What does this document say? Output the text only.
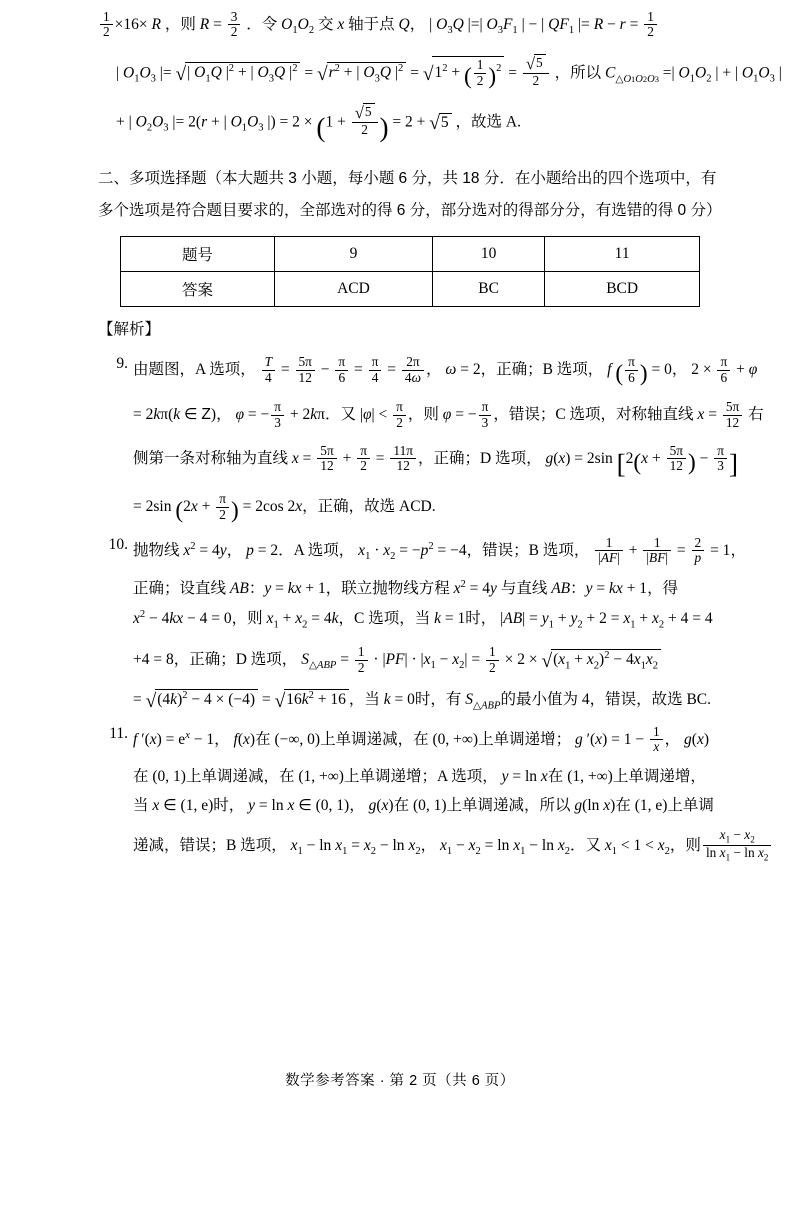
$\frac{1}{2} \times 16\times R$ ，则 $R = \frac{3}{2}$ ．令 $O_1O_2$ 交 x 轴于点 Q， | $O_3Q$ |=| $O_3F_1$ | − | $QF_1$ |= $R - r = \frac{1}{2}$
| $O_1O_3$ |= √| $O_1Q$ $|^2$ + | $O_3Q$ $|^2 = √r^2$ + | $O_3Q$ $|^2 = √1^2$ + ( $\frac{1}{2} )^2 = \frac{√5}{2}$ ，所以 $C_{\triangle O1O2O3}$ =| $O_1O_2$ | + | $O_1O_3$ |
+ | $O_2O_3$ |= 2(r + | $O_1O_3$ |) = $2 \times (1 + \frac{√5}{2}$ ) = 2 + √5 ，故选 A.
二、多项选择题（本大题共 3 小题，每小题 6 分，共 18 分．在小题给出的四个选项中，有
多个选项是符合题目要求的，全部选对的得 6 分，部分选对的得部分分，有选错的得 0 分）
题号	9	10	11
答案	ACD	BC	BCD
【解析】
9. 由题图，A 选项， $\frac{T}{4} = \frac{5\pi}{12} - \frac{\pi}{6} = \frac{\pi}{4} = \frac{2\pi}{4\omega}$ ， ω = 2，正确；B 选项， f ( $\frac{\pi}{6}$ ) = 0， $2 \times \frac{\pi}{6} + \varphi$
= 2kπ(k ∈ Z)， φ = − $\frac{\pi}{3} + 2k\pi$．又 $|\varphi| < \frac{\pi}{2}$ ，则 φ = − $\frac{\pi}{3}$ ，错误；C 选项，对称轴直线 $x = \frac{5\pi}{12}$ 右
侧第一条对称轴为直线 $x = \frac{5\pi}{12} + \frac{\pi}{2} = \frac{11\pi}{12}$ ，正确；D 选项， g(x) = 2sin [$2(x + \frac{5\pi}{12}$ ) − $\frac{\pi}{3}$ ]
= 2sin ($2x + \frac{\pi}{2}$ ) = 2cos 2x，正确，故选 ACD.
10. 抛物线 $x^2 = 4y$， p = 2．A 选项， $x_1 \cdot x_2 = -p^2 = -4$，错误；B 选项， $\frac{1}{|AF|} + \frac{1}{|BF|} = \frac{2}{p} = 1$，
正确；设直线 AB：y = kx + 1，联立抛物线方程 $x^2 = 4y$ 与直线 AB：y = kx + 1，得
$x^2 - 4kx - 4 = 0$，则 $x_1 + x_2 = 4k$，C 选项，当 k = 1时， $|AB| = y_1 + y_2 + 2 = x_1 + x_2 + 4 = 4$
+4 = 8，正确；D 选项， $S_{\triangle ABP} = \frac{1}{2} \cdot |PF| \cdot |x_1 - x_2| = \frac{1}{2} \times 2 \times √(x_1 + x_2)^2 - 4x_1x_2$
= $√(4k)^2 - 4 \times (-4) = √16k^2 + 16$ ，当 k = 0时，有 $S_{\triangle ABP}$的最小值为 4，错误，故选 BC.
11. f $'(x) = e^x - 1$， f(x)在 (−∞, 0)上单调递减，在 (0, +∞)上单调递增； g $'(x) = 1 - \frac{1}{x}$ ， g(x)
在 (0, 1)上单调递减，在 (1, +∞)上单调递增；A 选项， y = ln x在 (1, +∞)上单调递增，
当 x ∈ (1, e)时， y = ln x ∈ (0, 1)， g(x)在 (0, 1)上单调递减，所以 g(ln x)在 (1, e)上单调
递减，错误；B 选项， $x_1 - \ln x_1 = x_2 - \ln x_2$， $x_1 - x_2 = \ln x_1 - \ln x_2$．又 $x_1 < 1 < x_2$，则 $\frac{x_1 - x_2}{\ln x_1 - \ln x_2}$
数学参考答案 · 第 2 页（共 6 页）
